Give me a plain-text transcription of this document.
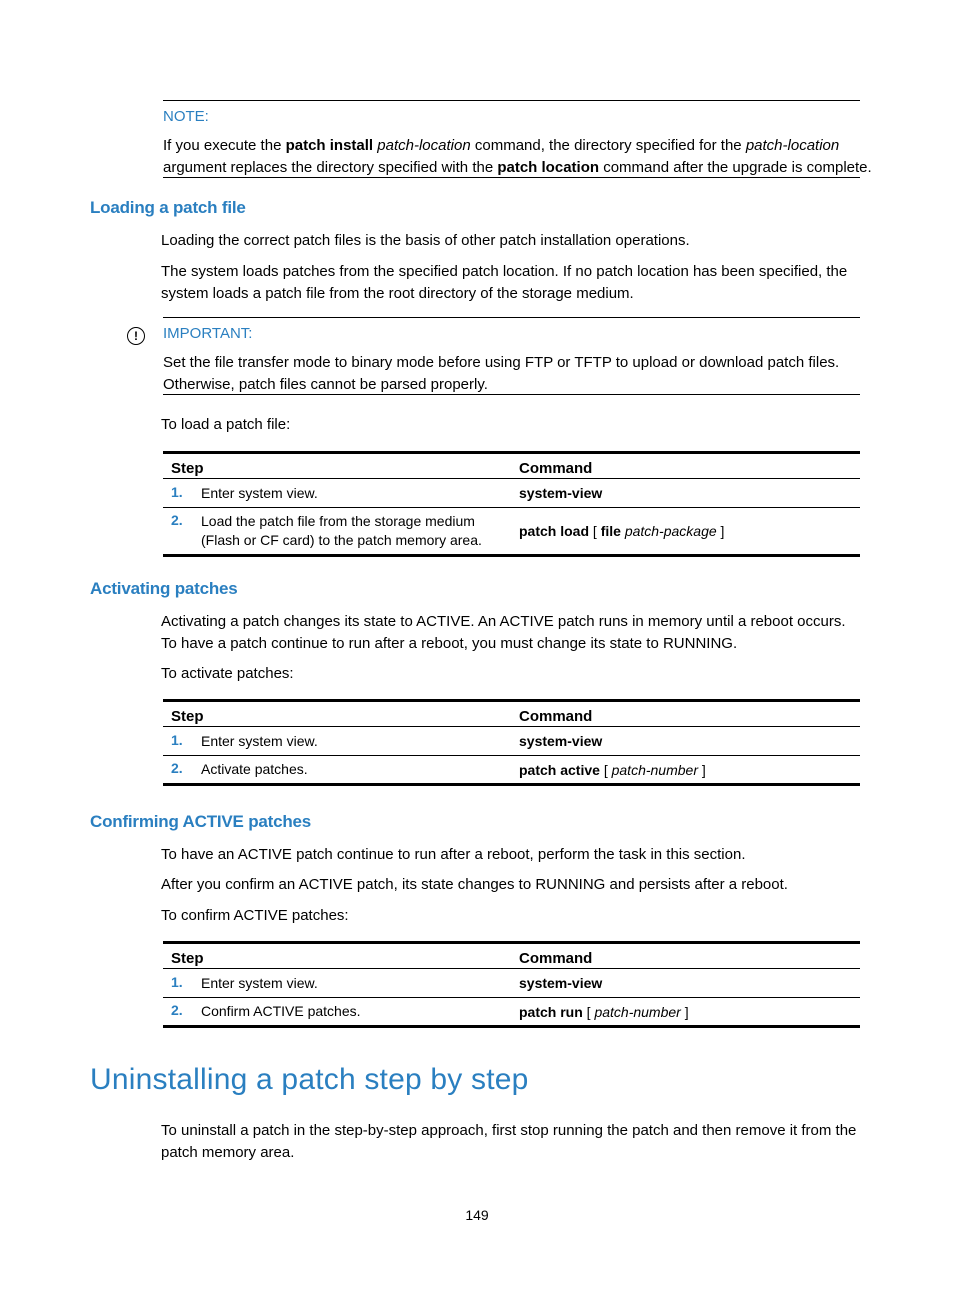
NOTE:
If you execute the patch install patch-location command, the directory specified for the patch-location
argument replaces the directory specified with the patch location command after the upgrade is complete.
Loading a patch file
Loading the correct patch files is the basis of other patch installation operations.
The system loads patches from the specified patch location. If no patch location has been specified, the
system loads a patch file from the root directory of the storage medium.
!	IMPORTANT:
Set the file transfer mode to binary mode before using FTP or TFTP to upload or download patch files.
Otherwise, patch files cannot be parsed properly.
To load a patch file:
Step	Command
1. Enter system view.	system-view
2. Load the patch file from the storage medium
(Flash or CF card) to the patch memory area.	patch load [ file patch-package ]
Activating patches
Activating a patch changes its state to ACTIVE. An ACTIVE patch runs in memory until a reboot occurs.
To have a patch continue to run after a reboot, you must change its state to RUNNING.
To activate patches:
Step	Command
1. Enter system view.	system-view
2. Activate patches.	patch active [ patch-number ]
Confirming ACTIVE patches
To have an ACTIVE patch continue to run after a reboot, perform the task in this section.
After you confirm an ACTIVE patch, its state changes to RUNNING and persists after a reboot.
To confirm ACTIVE patches:
Step	Command
1. Enter system view.	system-view
2. Confirm ACTIVE patches.	patch run [ patch-number ]
Uninstalling a patch step by step
To uninstall a patch in the step-by-step approach, first stop running the patch and then remove it from the
patch memory area.
149
